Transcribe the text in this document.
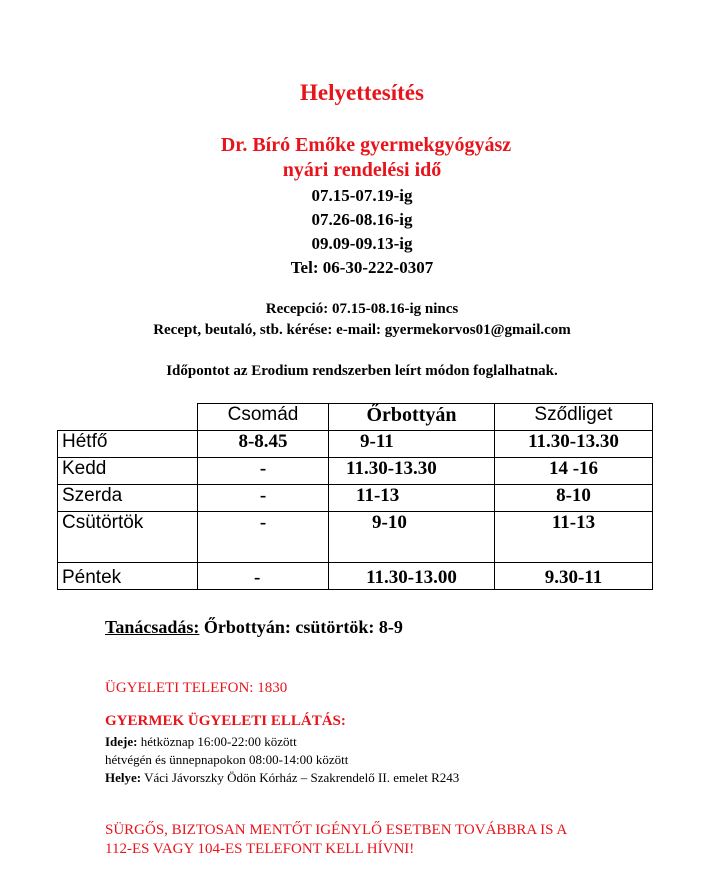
Helyettesítés
Dr. Bíró Emőke gyermekgyógyász
nyári rendelési idő
07.15-07.19-ig
07.26-08.16-ig
09.09-09.13-ig
Tel: 06-30-222-0307
Recepció: 07.15-08.16-ig nincs
Recept, beutaló, stb. kérése: e-mail: gyermekorvos01@gmail.com
Időpontot az Erodium rendszerben leírt módon foglalhatnak.
	Csomád	Őrbottyán	Sződliget
Hétfő	8-8.45	9-11	11.30-13.30
Kedd	-	11.30-13.30	14 -16
Szerda	-	11-13	8-10
Csütörtök	-	9-10	11-13
Péntek	-	11.30-13.00	9.30-11
Tanácsadás: Őrbottyán: csütörtök: 8-9
ÜGYELETI TELEFON: 1830
GYERMEK ÜGYELETI ELLÁTÁS:
Ideje: hétköznap 16:00-22:00 között
hétvégén és ünnepnapokon 08:00-14:00 között
Helye: Váci Jávorszky Ödön Kórház – Szakrendelő II. emelet R243
SÜRGŐS, BIZTOSAN MENTŐT IGÉNYLŐ ESETBEN TOVÁBBRA IS A
112-ES VAGY 104-ES TELEFONT KELL HÍVNI!
